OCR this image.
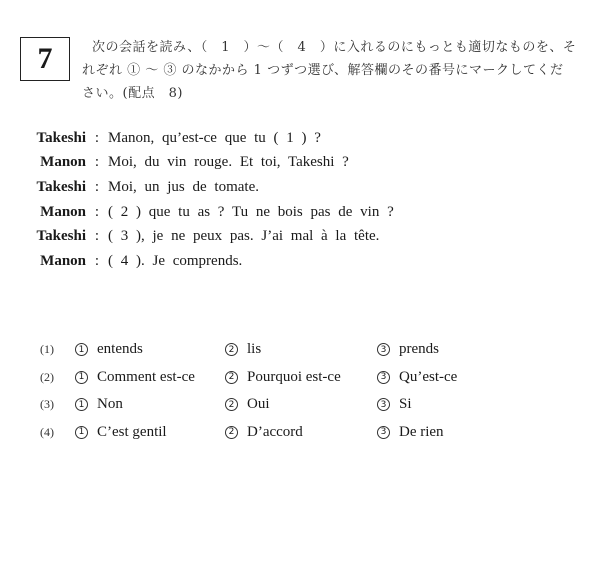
7	次の会話を読み、（　1　）～（　4　）に入れるのにもっとも適切なものを、そ
れぞれ ① ～ ③ のなかから 1 つずつ選び、解答欄のその番号にマークしてくだ
さい。(配点　8)
Takeshi : Manon, qu’est-ce que tu ( 1 ) ?
Manon : Moi, du vin rouge. Et toi, Takeshi ?
Takeshi : Moi, un jus de tomate.
Manon : ( 2 ) que tu as ? Tu ne bois pas de vin ?
Takeshi : ( 3 ), je ne peux pas. J’ai mal à la tête.
Manon : ( 4 ). Je comprends.
(1)	1 entends	2 lis	3 prends
(2)	1 Comment est-ce	2 Pourquoi est-ce	3 Qu’est-ce
(3)	1 Non	2 Oui	3 Si
(4)	1 C’est gentil	2 D’accord	3 De rien
